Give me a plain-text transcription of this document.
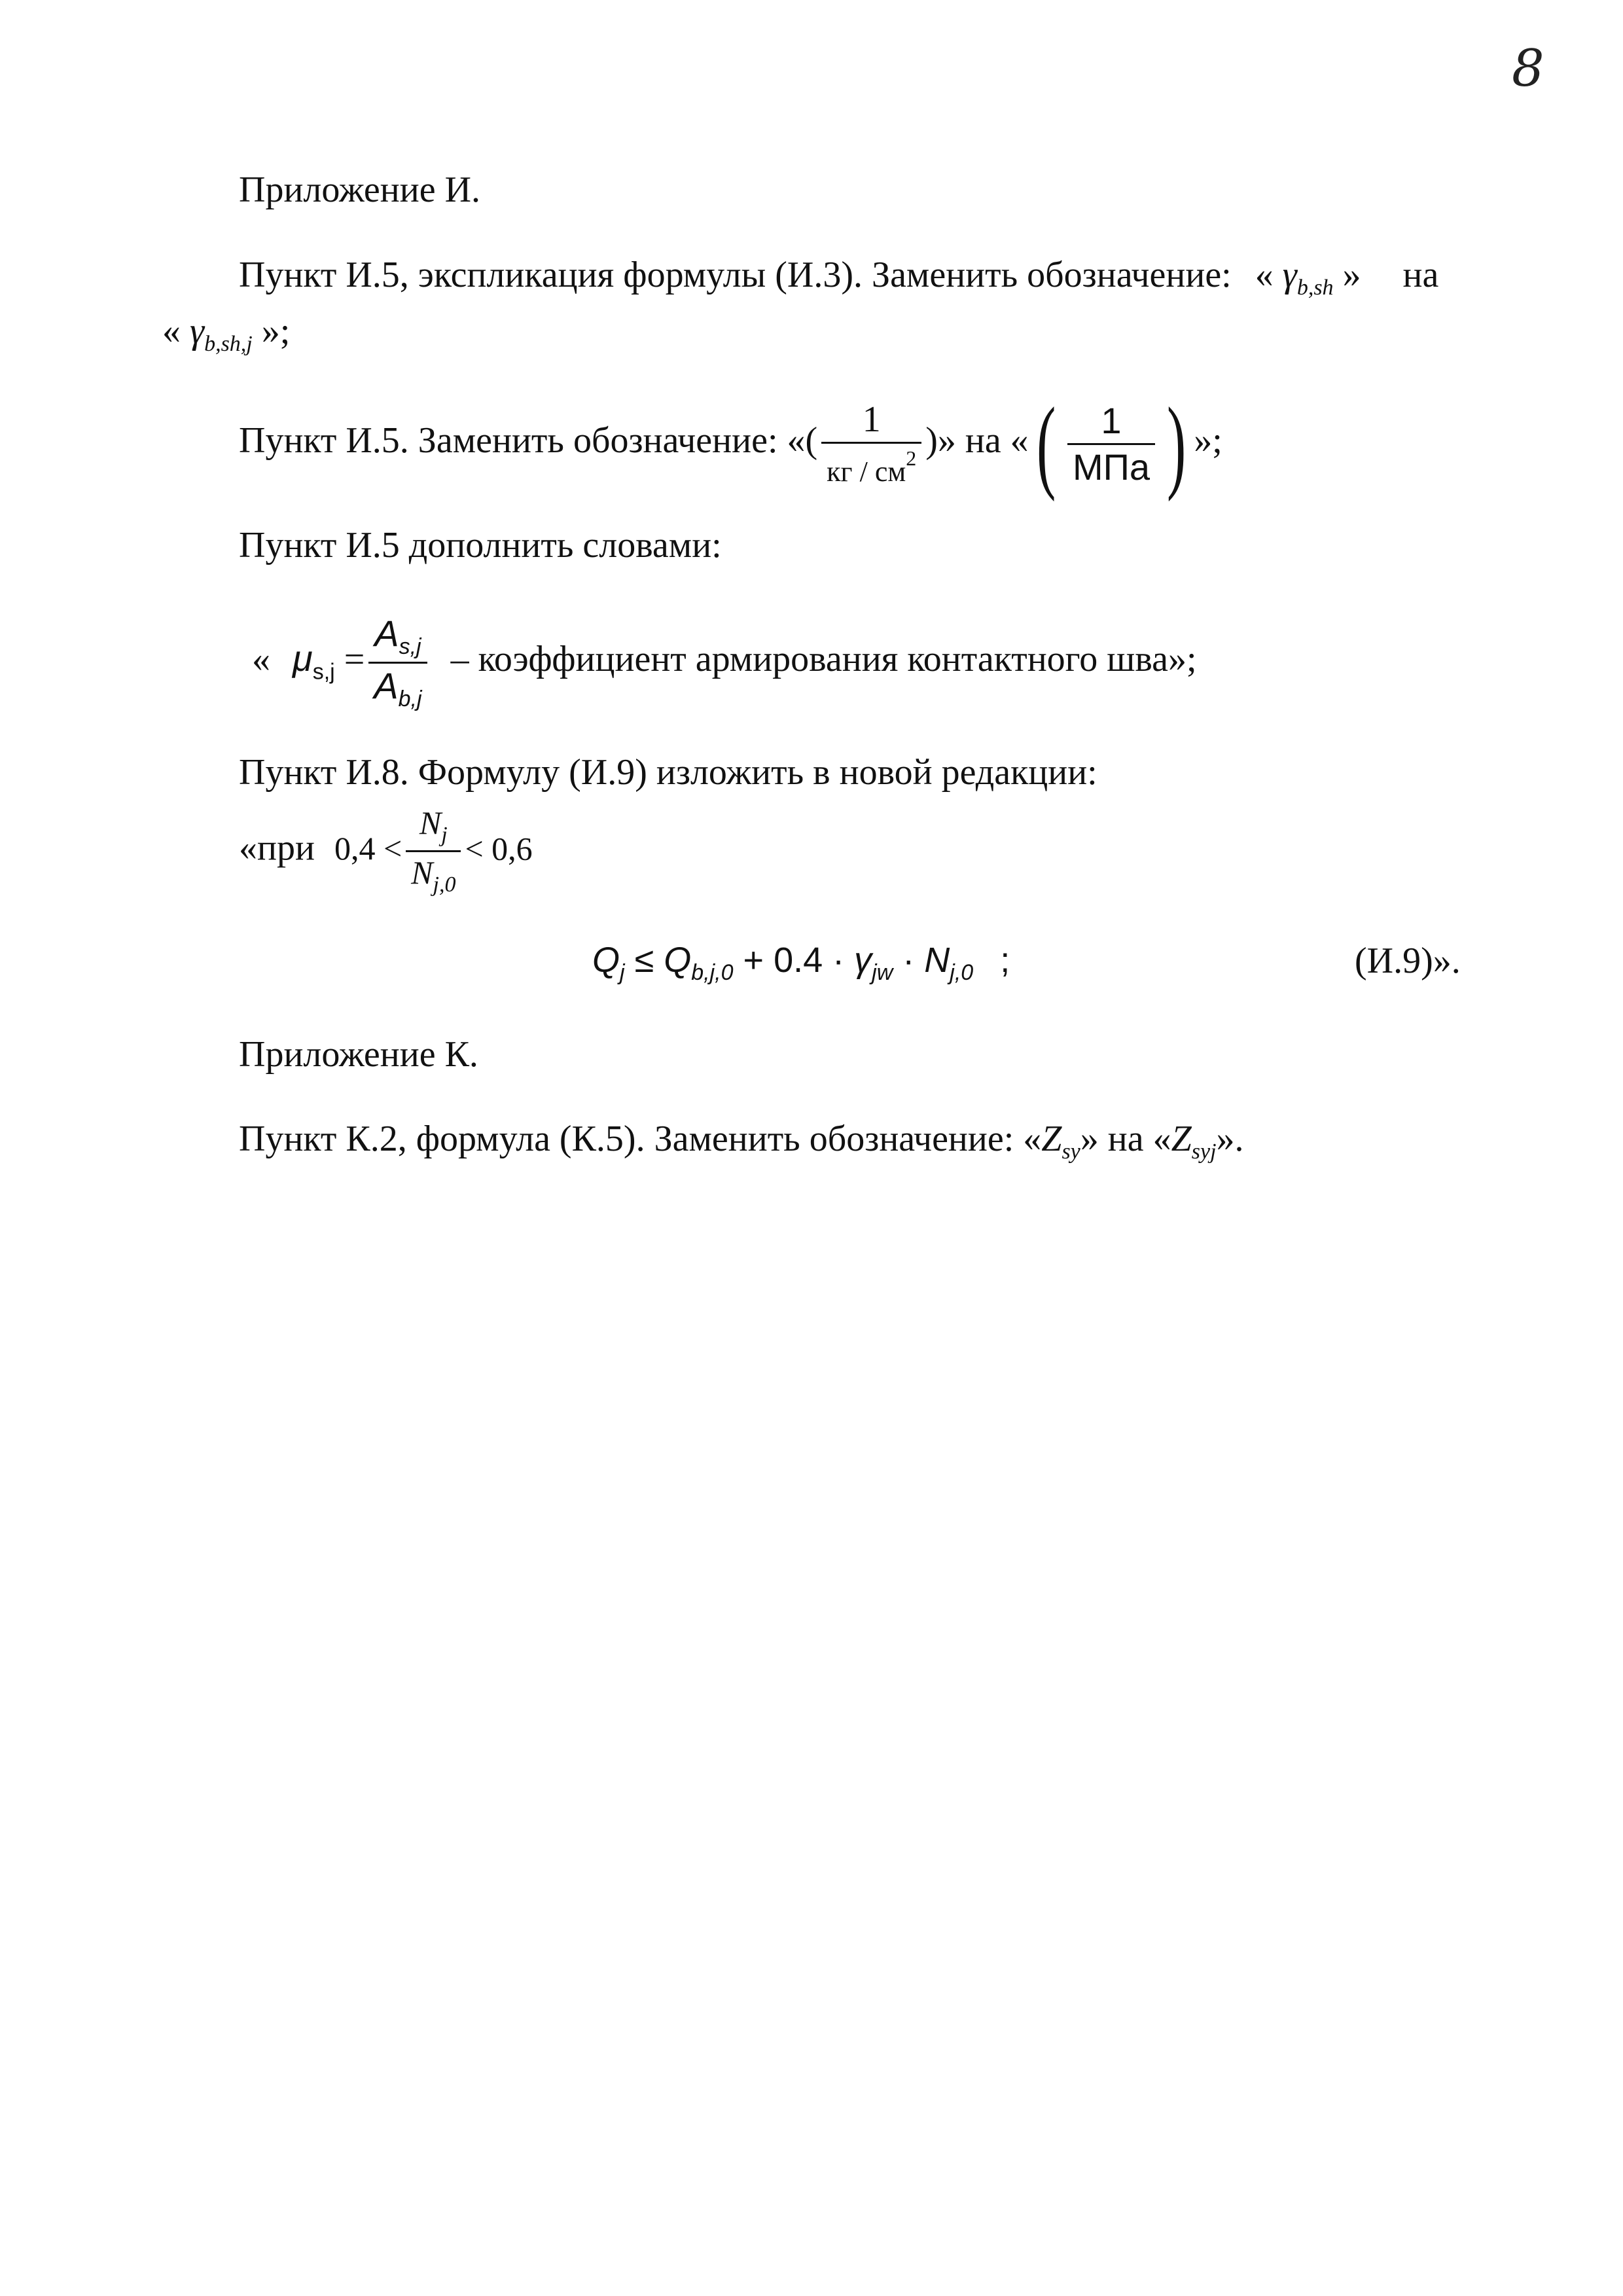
8
Приложение И.
Пункт И.5, экспликация формулы (И.3). Заменить обозначение: « $\gamma_{b,sh}$ » на
« $\gamma_{b,sh,j}$ »;
Пункт И.5. Заменить обозначение: «( $\frac{1}{кг / см^2}$ )» на «( $\frac{1}{\text{МПа}}$ ) »;
Пункт И.5 дополнить словами:
« $\mu_{s,j} = \frac{A_{s,j}}{A_{b,j}}$ – коэффициент армирования контактного шва»;
Пункт И.8. Формулу (И.9) изложить в новой редакции:
«при $0,4 < \frac{N_j}{N_{j,0}} < 0,6$
$Q_j \le Q_{b,j,0} + 0.4 \cdot \gamma_{jw} \cdot N_{j,0}$ ;	(И.9)».
Приложение К.
Пункт К.2, формула (К.5). Заменить обозначение: «$Z_{sy}$» на «$Z_{syj}$».
